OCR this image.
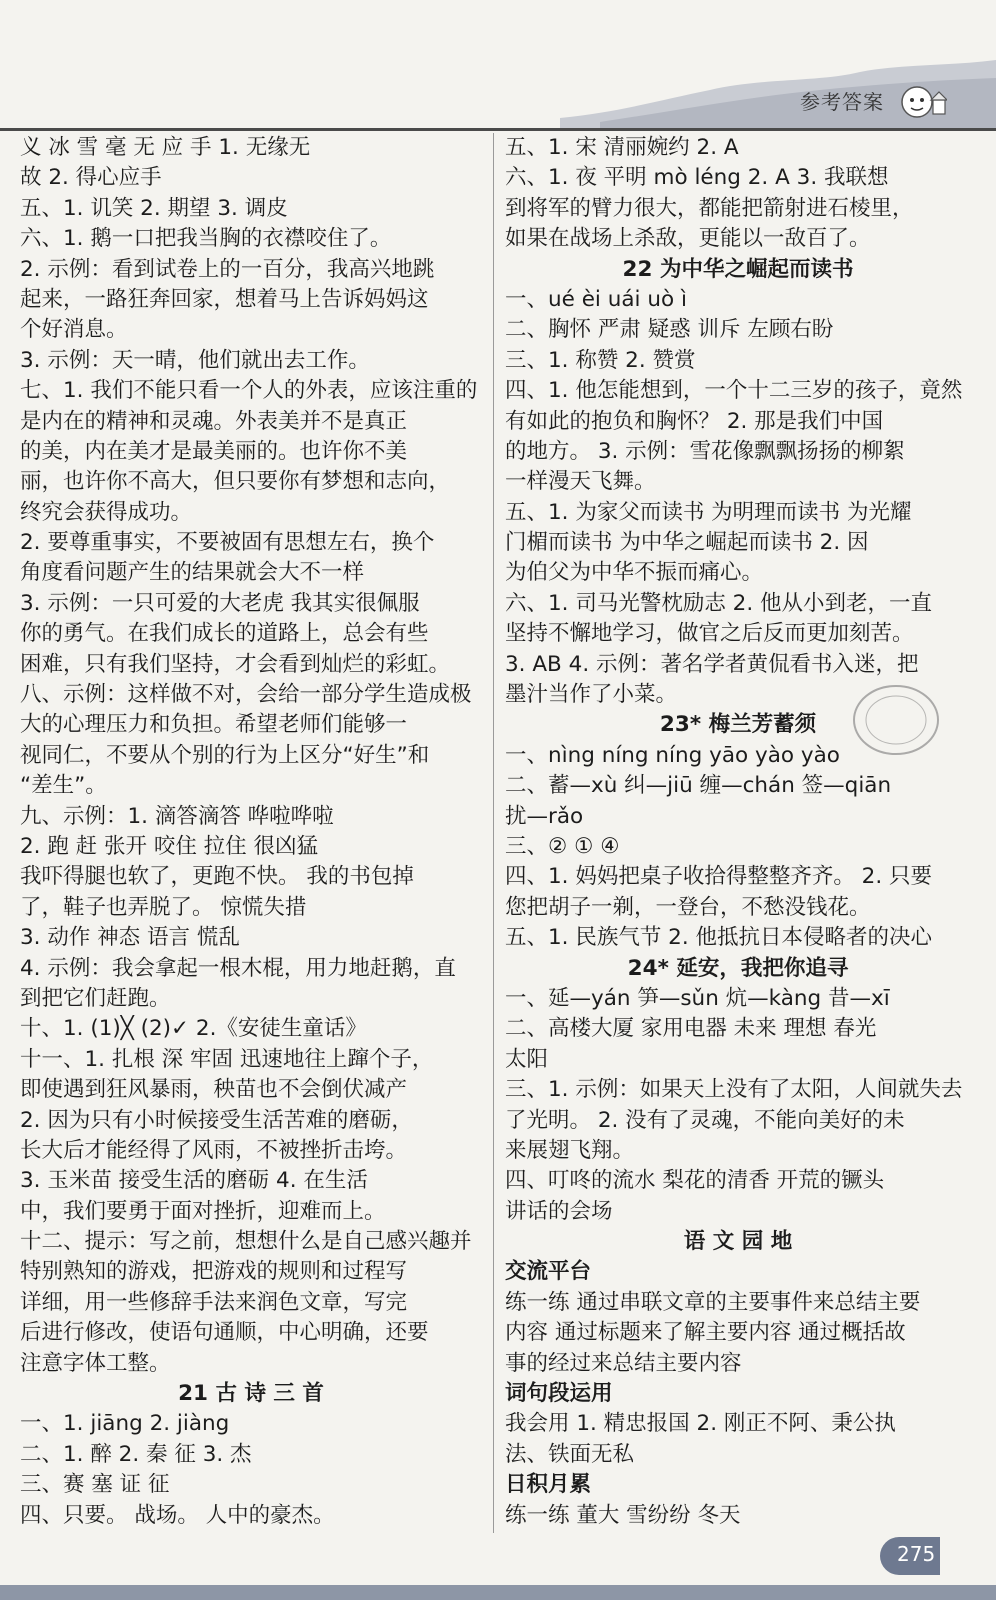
参考答案
义 冰 雪 毫 无 应 手 1. 无缘无
故 2. 得心应手
五、1. 讥笑 2. 期望 3. 调皮
六、1. 鹅一口把我当胸的衣襟咬住了。
2. 示例：看到试卷上的一百分，我高兴地跳
起来，一路狂奔回家，想着马上告诉妈妈这
个好消息。
3. 示例：天一晴，他们就出去工作。
七、1. 我们不能只看一个人的外表，应该注重的
是内在的精神和灵魂。外表美并不是真正
的美，内在美才是最美丽的。也许你不美
丽，也许你不高大，但只要你有梦想和志向，
终究会获得成功。
2. 要尊重事实，不要被固有思想左右，换个
角度看问题产生的结果就会大不一样
3. 示例：一只可爱的大老虎 我其实很佩服
你的勇气。在我们成长的道路上，总会有些
困难，只有我们坚持，才会看到灿烂的彩虹。
八、示例：这样做不对，会给一部分学生造成极
大的心理压力和负担。希望老师们能够一
视同仁，不要从个别的行为上区分“好生”和
“差生”。
九、示例：1. 滴答滴答 哗啦哗啦
2. 跑 赶 张开 咬住 拉住 很凶猛
我吓得腿也软了，更跑不快。 我的书包掉
了，鞋子也弄脱了。 惊慌失措
3. 动作 神态 语言 慌乱
4. 示例：我会拿起一根木棍，用力地赶鹅，直
到把它们赶跑。
十、1. (1)╳ (2)✓ 2.《安徒生童话》
十一、1. 扎根 深 牢固 迅速地往上蹿个子，
即使遇到狂风暴雨，秧苗也不会倒伏减产
2. 因为只有小时候接受生活苦难的磨砺，
长大后才能经得了风雨，不被挫折击垮。
3. 玉米苗 接受生活的磨砺 4. 在生活
中，我们要勇于面对挫折，迎难而上。
十二、提示：写之前，想想什么是自己感兴趣并
特别熟知的游戏，把游戏的规则和过程写
详细，用一些修辞手法来润色文章，写完
后进行修改，使语句通顺，中心明确，还要
注意字体工整。
21 古 诗 三 首
一、1. jiāng 2. jiàng
二、1. 醉 2. 秦 征 3. 杰
三、赛 塞 证 征
四、只要。 战场。 人中的豪杰。
五、1. 宋 清丽婉约 2. A
六、1. 夜 平明 mò léng 2. A 3. 我联想
到将军的臂力很大，都能把箭射进石棱里，
如果在战场上杀敌，更能以一敌百了。
22 为中华之崛起而读书
一、ué èi uái uò ì
二、胸怀 严肃 疑惑 训斥 左顾右盼
三、1. 称赞 2. 赞赏
四、1. 他怎能想到，一个十二三岁的孩子，竟然
有如此的抱负和胸怀？ 2. 那是我们中国
的地方。 3. 示例：雪花像飘飘扬扬的柳絮
一样漫天飞舞。
五、1. 为家父而读书 为明理而读书 为光耀
门楣而读书 为中华之崛起而读书 2. 因
为伯父为中华不振而痛心。
六、1. 司马光警枕励志 2. 他从小到老，一直
坚持不懈地学习，做官之后反而更加刻苦。
3. AB 4. 示例：著名学者黄侃看书入迷，把
墨汁当作了小菜。
23* 梅兰芳蓄须
一、nìng níng níng yāo yào yào
二、蓄—xù 纠—jiū 缠—chán 签—qiān
扰—rǎo
三、② ① ④
四、1. 妈妈把桌子收拾得整整齐齐。 2. 只要
您把胡子一剃，一登台，不愁没钱花。
五、1. 民族气节 2. 他抵抗日本侵略者的决心
24* 延安，我把你追寻
一、延—yán 笋—sǔn 炕—kàng 昔—xī
二、高楼大厦 家用电器 未来 理想 春光
太阳
三、1. 示例：如果天上没有了太阳，人间就失去
了光明。 2. 没有了灵魂，不能向美好的未
来展翅飞翔。
四、叮咚的流水 梨花的清香 开荒的镢头
讲话的会场
语 文 园 地
交流平台
练一练 通过串联文章的主要事件来总结主要
内容 通过标题来了解主要内容 通过概括故
事的经过来总结主要内容
词句段运用
我会用 1. 精忠报国 2. 刚正不阿、秉公执
法、铁面无私
日积月累
练一练 董大 雪纷纷 冬天
275
